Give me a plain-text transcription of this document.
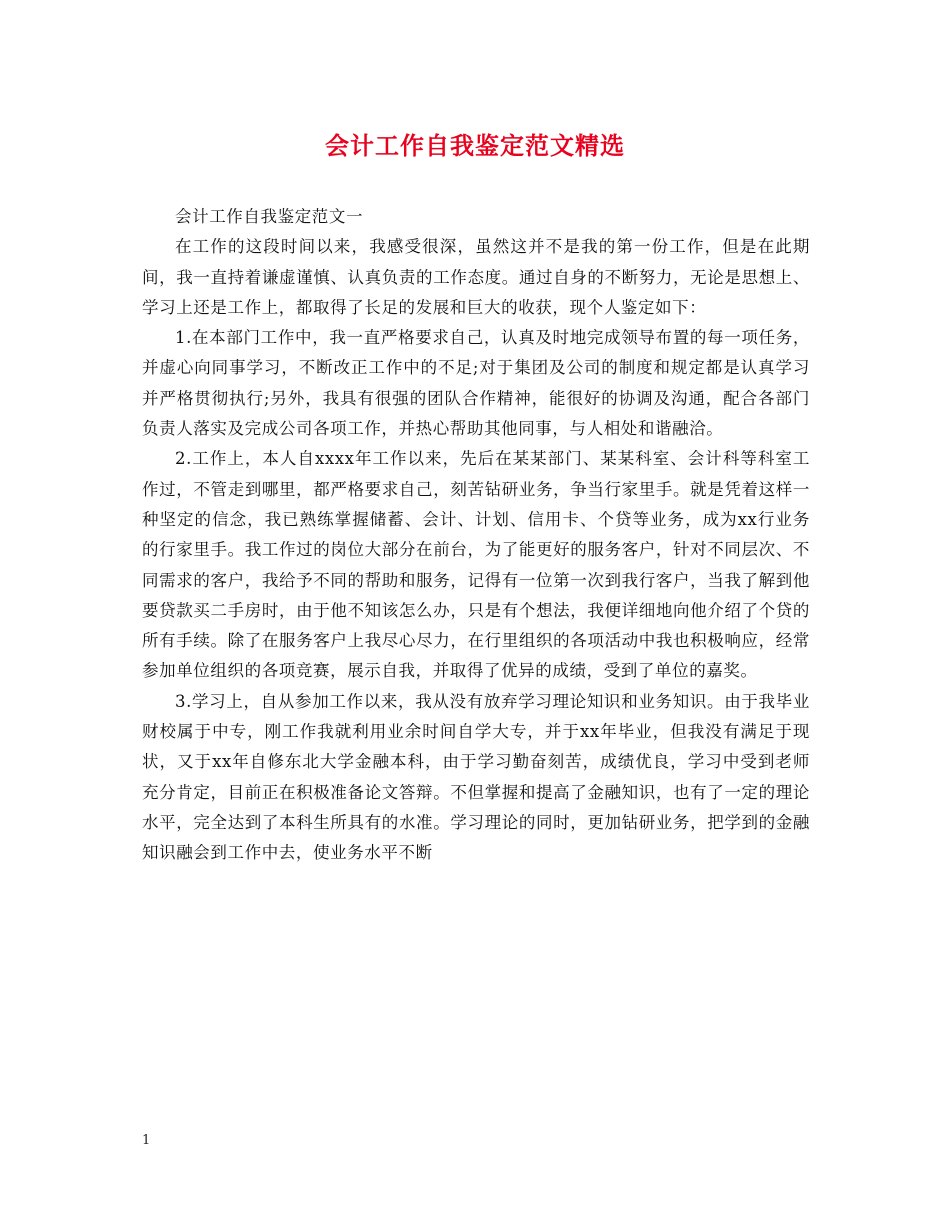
会计工作自我鉴定范文精选

会计工作自我鉴定范文一

在工作的这段时间以来，我感受很深，虽然这并不是我的第一份工作，但是在此期间，我一直持着谦虚谨慎、认真负责的工作态度。通过自身的不断努力，无论是思想上、学习上还是工作上，都取得了长足的发展和巨大的收获，现个人鉴定如下：

1.在本部门工作中，我一直严格要求自己，认真及时地完成领导布置的每一项任务，并虚心向同事学习，不断改正工作中的不足;对于集团及公司的制度和规定都是认真学习并严格贯彻执行;另外，我具有很强的团队合作精神，能很好的协调及沟通，配合各部门负责人落实及完成公司各项工作，并热心帮助其他同事，与人相处和谐融洽。

2.工作上，本人自xxxx年工作以来，先后在某某部门、某某科室、会计科等科室工作过，不管走到哪里，都严格要求自己，刻苦钻研业务，争当行家里手。就是凭着这样一种坚定的信念，我已熟练掌握储蓄、会计、计划、信用卡、个贷等业务，成为xx行业务的行家里手。我工作过的岗位大部分在前台，为了能更好的服务客户，针对不同层次、不同需求的客户，我给予不同的帮助和服务，记得有一位第一次到我行客户，当我了解到他要贷款买二手房时，由于他不知该怎么办，只是有个想法，我便详细地向他介绍了个贷的所有手续。除了在服务客户上我尽心尽力，在行里组织的各项活动中我也积极响应，经常参加单位组织的各项竞赛，展示自我，并取得了优异的成绩，受到了单位的嘉奖。

3.学习上，自从参加工作以来，我从没有放弃学习理论知识和业务知识。由于我毕业财校属于中专，刚工作我就利用业余时间自学大专，并于xx年毕业，但我没有满足于现状，又于xx年自修东北大学金融本科，由于学习勤奋刻苦，成绩优良，学习中受到老师充分肯定，目前正在积极准备论文答辩。不但掌握和提高了金融知识，也有了一定的理论水平，完全达到了本科生所具有的水准。学习理论的同时，更加钻研业务，把学到的金融知识融会到工作中去，使业务水平不断

1
